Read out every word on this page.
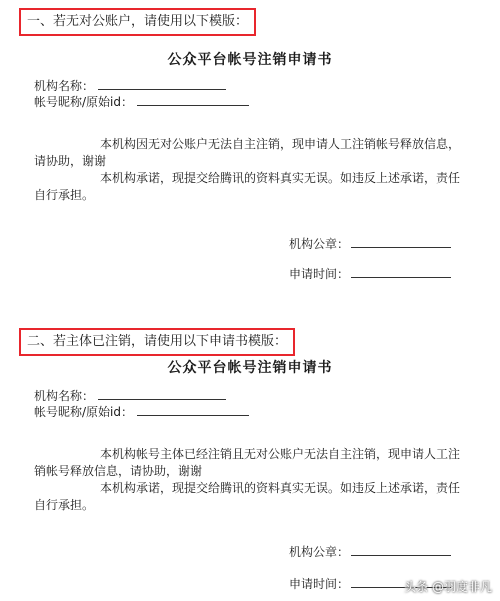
一、若无对公账户，请使用以下模版：
公众平台帐号注销申请书
机构名称：
帐号昵称/原始id：
本机构因无对公账户无法自主注销，现申请人工注销帐号释放信息，请协助，谢谢
本机构承诺，现提交给腾讯的资料真实无误。如违反上述承诺，责任自行承担。
机构公章：
申请时间：
二、若主体已注销，请使用以下申请书模版：
公众平台帐号注销申请书
机构名称：
帐号昵称/原始id：
本机构帐号主体已经注销且无对公账户无法自主注销，现申请人工注销帐号释放信息，请协助，谢谢
本机构承诺，现提交给腾讯的资料真实无误。如违反上述承诺，责任自行承担。
机构公章：
申请时间：	头条 @羽度非凡
